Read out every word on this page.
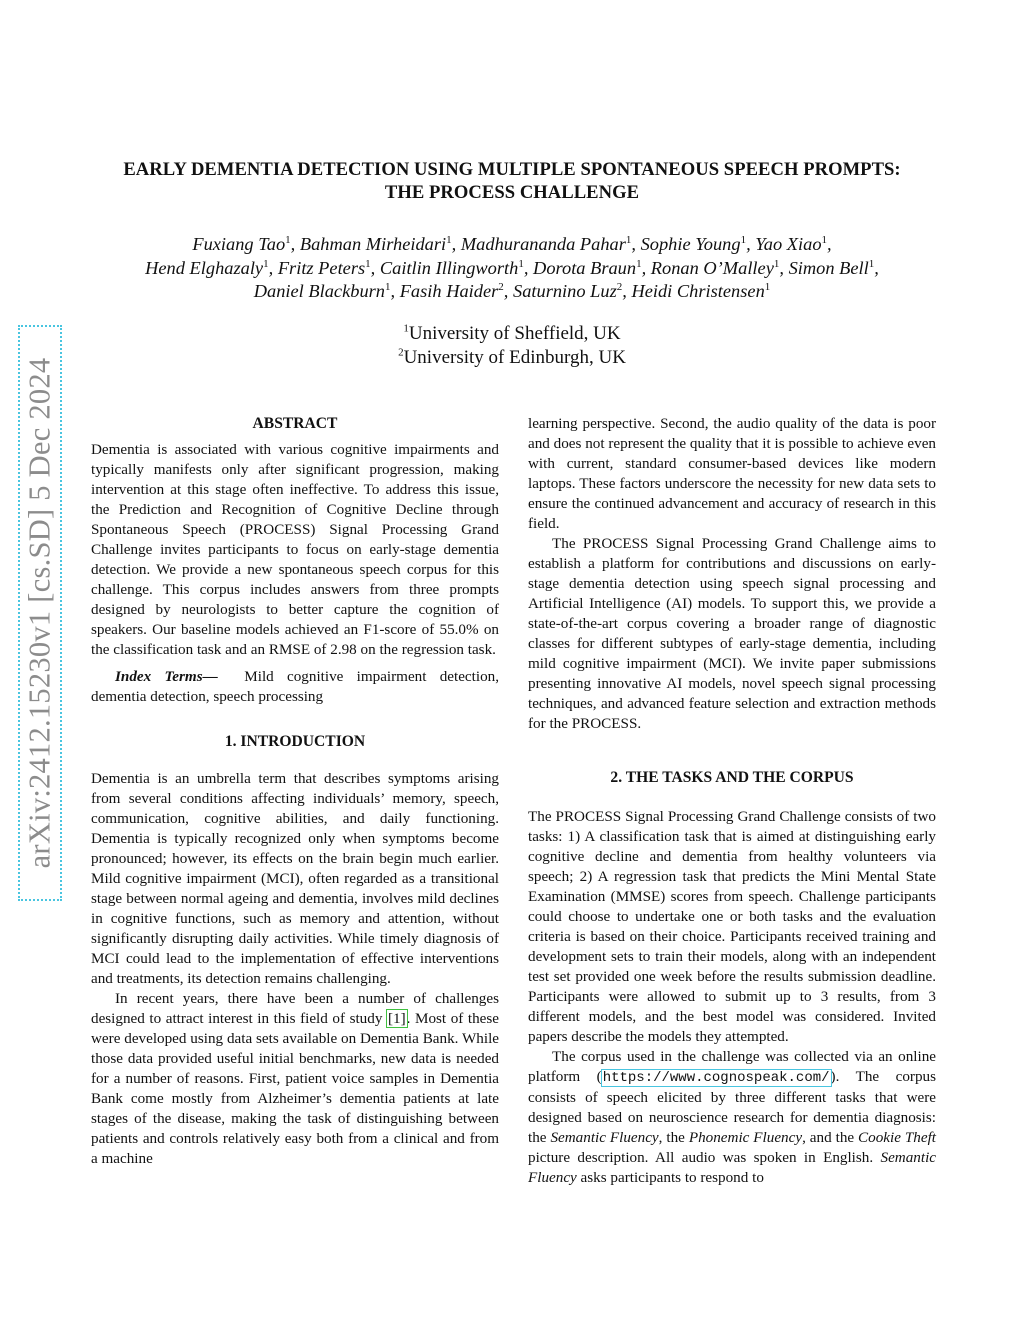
EARLY DEMENTIA DETECTION USING MULTIPLE SPONTANEOUS SPEECH PROMPTS:
THE PROCESS CHALLENGE
Fuxiang Tao$^1$, Bahman Mirheidari$^1$, Madhurananda Pahar$^1$, Sophie Young$^1$, Yao Xiao$^1$,
Hend Elghazaly$^1$, Fritz Peters$^1$, Caitlin Illingworth$^1$, Dorota Braun$^1$, Ronan O’Malley$^1$, Simon Bell$^1$,
Daniel Blackburn$^1$, Fasih Haider$^2$, Saturnino Luz$^2$, Heidi Christensen$^1$
$^1$University of Sheffield, UK
$^2$University of Edinburgh, UK
arXiv:2412.15230v1 [cs.SD] 5 Dec 2024	ABSTRACT

Dementia is associated with various cognitive impairments and typically manifests only after significant progression, making intervention at this stage often ineffective. To address this issue, the Prediction and Recognition of Cognitive Decline through Spontaneous Speech (PROCESS) Signal Processing Grand Challenge invites participants to focus on early-stage dementia detection. We provide a new spontaneous speech corpus for this challenge. This corpus includes answers from three prompts designed by neurologists to better capture the cognition of speakers. Our baseline models achieved an F1-score of 55.0% on the classification task and an RMSE of 2.98 on the regression task.

Index Terms— Mild cognitive impairment detection, dementia detection, speech processing

1. INTRODUCTION

Dementia is an umbrella term that describes symptoms arising from several conditions affecting individuals’ memory, speech, communication, cognitive abilities, and daily functioning. Dementia is typically recognized only when symptoms become pronounced; however, its effects on the brain begin much earlier. Mild cognitive impairment (MCI), often regarded as a transitional stage between normal ageing and dementia, involves mild declines in cognitive functions, such as memory and attention, without significantly disrupting daily activities. While timely diagnosis of MCI could lead to the implementation of effective interventions and treatments, its detection remains challenging.

In recent years, there have been a number of challenges designed to attract interest in this field of study [1]. Most of these were developed using data sets available on Dementia Bank. While those data provided useful initial benchmarks, new data is needed for a number of reasons. First, patient voice samples in Dementia Bank come mostly from Alzheimer’s dementia patients at late stages of the disease, making the task of distinguishing between patients and controls relatively easy both from a clinical and from a machine

learning perspective. Second, the audio quality of the data is poor and does not represent the quality that it is possible to achieve even with current, standard consumer-based devices like modern laptops. These factors underscore the necessity for new data sets to ensure the continued advancement and accuracy of research in this field.

The PROCESS Signal Processing Grand Challenge aims to establish a platform for contributions and discussions on early-stage dementia detection using speech signal processing and Artificial Intelligence (AI) models. To support this, we provide a state-of-the-art corpus covering a broader range of diagnostic classes for different subtypes of early-stage dementia, including mild cognitive impairment (MCI). We invite paper submissions presenting innovative AI models, novel speech signal processing techniques, and advanced feature selection and extraction methods for the PROCESS.

2. THE TASKS AND THE CORPUS

The PROCESS Signal Processing Grand Challenge consists of two tasks: 1) A classification task that is aimed at distinguishing early cognitive decline and dementia from healthy volunteers via speech; 2) A regression task that predicts the Mini Mental State Examination (MMSE) scores from speech. Challenge participants could choose to undertake one or both tasks and the evaluation criteria is based on their choice. Participants received training and development sets to train their models, along with an independent test set provided one week before the results submission deadline. Participants were allowed to submit up to 3 results, from 3 different models, and the best model was considered. Invited papers describe the models they attempted.

The corpus used in the challenge was collected via an online platform (https://www.cognospeak.com/). The corpus consists of speech elicited by three different tasks that were designed based on neuroscience research for dementia diagnosis: the Semantic Fluency, the Phonemic Fluency, and the Cookie Theft picture description. All audio was spoken in English. Semantic Fluency asks participants to respond to
